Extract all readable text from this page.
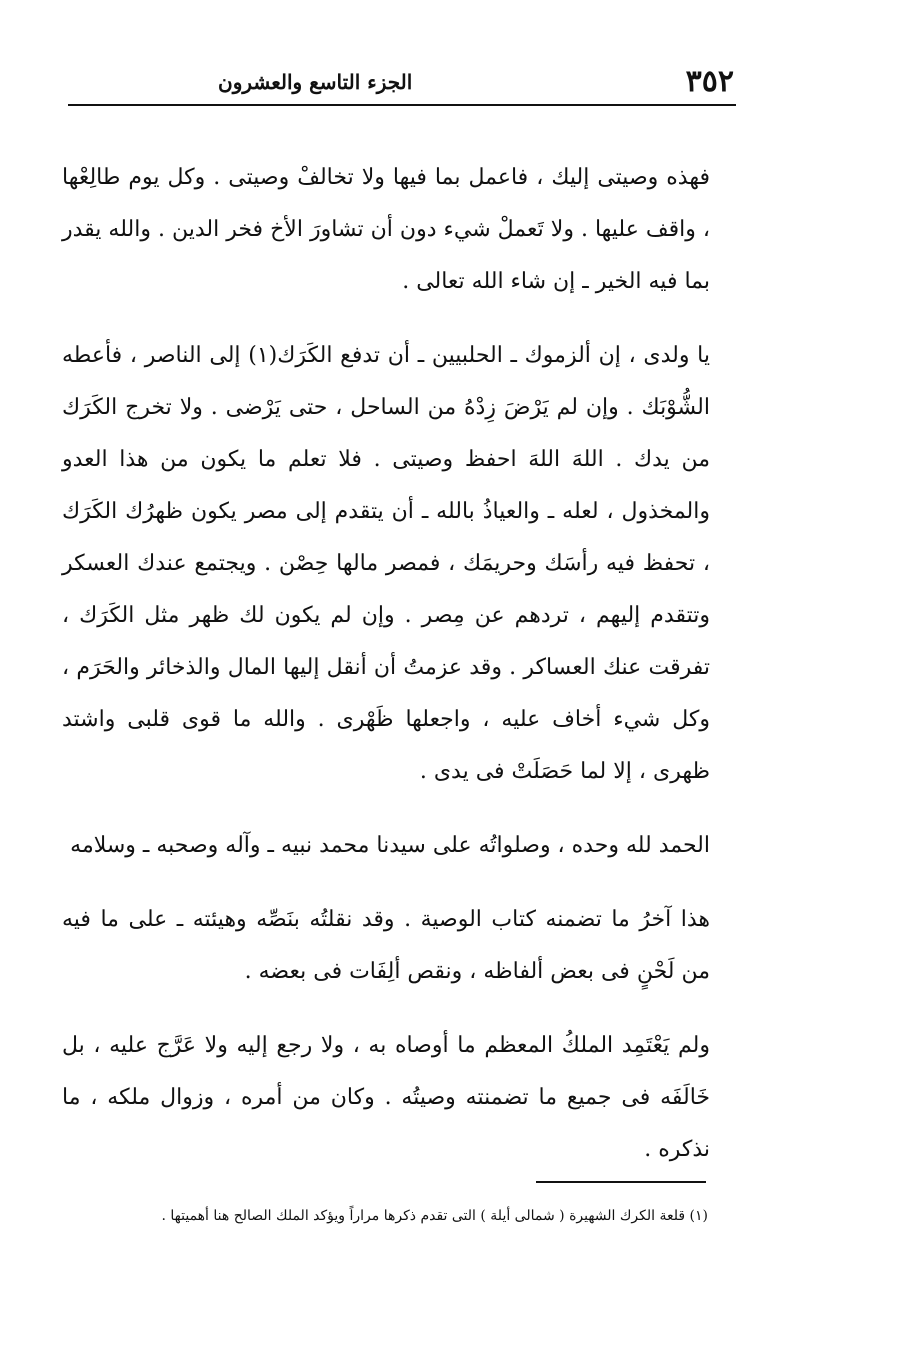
٣٥٢
الجزء التاسع والعشرون

فهذه وصيتى إليك ، فاعمل بما فيها ولا تخالفْ وصيتى . وكل يوم طالِعْها ، واقف عليها . ولا تَعملْ شيء دون أن تشاورَ الأخ فخر الدين . والله يقدر بما فيه الخير ـ إن شاء الله تعالى .

يا ولدى ، إن ألزموك ـ الحلبيين ـ أن تدفع الكَرَك(١) إلى الناصر ، فأعطه الشُّوْبَك . وإن لم يَرْضَ زِدْهُ من الساحل ، حتى يَرْضى . ولا تخرج الكَرَك من يدك . اللهَ اللهَ احفظ وصيتى . فلا تعلم ما يكون من هذا العدو والمخذول ، لعله ـ والعياذُ بالله ـ أن يتقدم إلى مصر يكون ظهرُك الكَرَك ، تحفظ فيه رأسَك وحريمَك ، فمصر مالها حِصْن . ويجتمع عندك العسكر وتتقدم إليهم ، تردهم عن مِصر . وإن لم يكون لك ظهر مثل الكَرَك ، تفرقت عنك العساكر . وقد عزمتُ أن أنقل إليها المال والذخائر والحَرَم ، وكل شيء أخاف عليه ، واجعلها ظَهْرى . والله ما قوى قلبى واشتد ظهرى ، إلا لما حَصَلَتْ فى يدى .

الحمد لله وحده ، وصلواتُه على سيدنا محمد نبيه ـ وآله وصحبه ـ وسلامه

هذا آخرُ ما تضمنه كتاب الوصية . وقد نقلتُه بنَصِّه وهيئته ـ على ما فيه من لَحْنٍ فى بعض ألفاظه ، ونقص ألِفَات فى بعضه .

ولم يَعْتَمِد الملكُ المعظم ما أوصاه به ، ولا رجع إليه ولا عَرَّج عليه ، بل خَالَفَه فى جميع ما تضمنته وصيتُه . وكان من أمره ، وزوال ملكه ، ما نذكره .

(١) قلعة الكرك الشهيرة ( شمالى أيلة ) التى تقدم ذكرها مراراً ويؤكد الملك الصالح هنا أهميتها .
